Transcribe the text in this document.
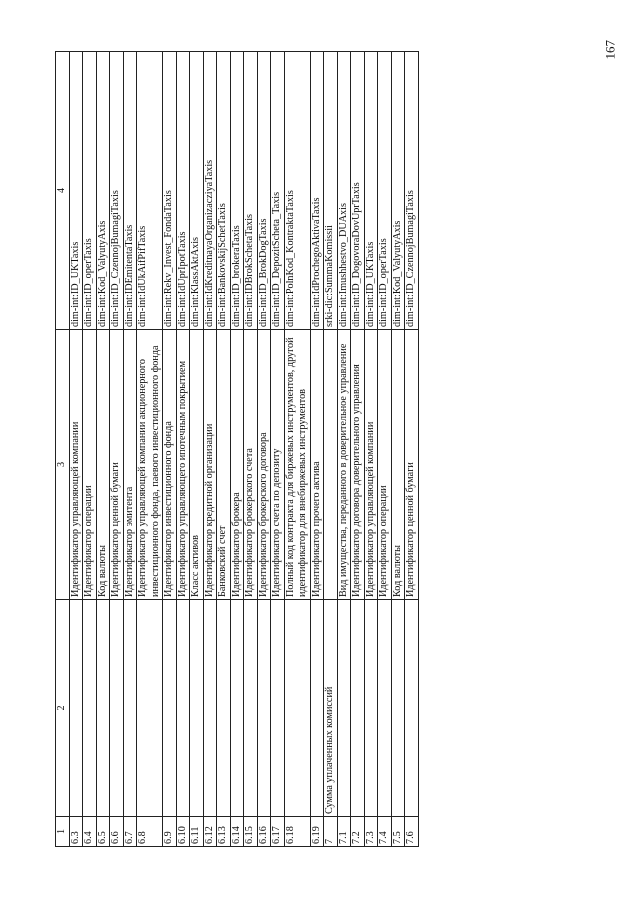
167
1	2	3	4
6.3		Идентификатор управляющей компании	dim-int:ID_UKTaxis
6.4		Идентификатор операции	dim-int:ID_operTaxis
6.5		Код валюты	dim-int:Kod_ValyutyAxis
6.6		Идентификатор ценной бумаги	dim-int:ID_CzennojBumagiTaxis
6.7		Идентификатор эмитента	dim-int:IDEmitentaTaxis
6.8		Идентификатор управляющей компании акционерного инвестиционного фонда, паевого инвестиционного фонда	dim-int:IdUkAifPifTaxis
6.9		Идентификатор инвестиционного фонда	dim-int:Rekv_Invest_FondaTaxis
6.10		Идентификатор управляющего ипотечным покрытием	dim-int:IdUprIpotTaxis
6.11		Класс активов	dim-int:KlassAktAxis
6.12		Идентификатор кредитной организации	dim-int:IdKreditnayaOrganizacziyaTaxis
6.13		Банковский счет	dim-int:BankovskijSchetTaxis
6.14		Идентификатор брокера	dim-int:ID_brokeraTaxis
6.15		Идентификатор брокерского счета	dim-int:IDBrokSchetaTaxis
6.16		Идентификатор брокерского договора	dim-int:ID_BrokDogTaxis
6.17		Идентификатор счета по депозиту	dim-int:ID_DepozitScheta_Taxis
6.18		Полный код контракта для биржевых инструментов, другой идентификатор для внебиржевых инструментов	dim-int:PolnKod_KontraktaTaxis
6.19		Идентификатор прочего актива	dim-int:IdProchegoAktivaTaxis
7	Сумма уплаченных комиссий		srki-dic:SummaKomissii
7.1		Вид имущества, переданного в доверительное управление	dim-int:Imushhestvo_DUAxis
7.2		Идентификатор договора доверительного управления	dim-int:ID_DogovoraDovUprTaxis
7.3		Идентификатор управляющей компании	dim-int:ID_UKTaxis
7.4		Идентификатор операции	dim-int:ID_operTaxis
7.5		Код валюты	dim-int:Kod_ValyutyAxis
7.6		Идентификатор ценной бумаги	dim-int:ID_CzennojBumagiTaxis
